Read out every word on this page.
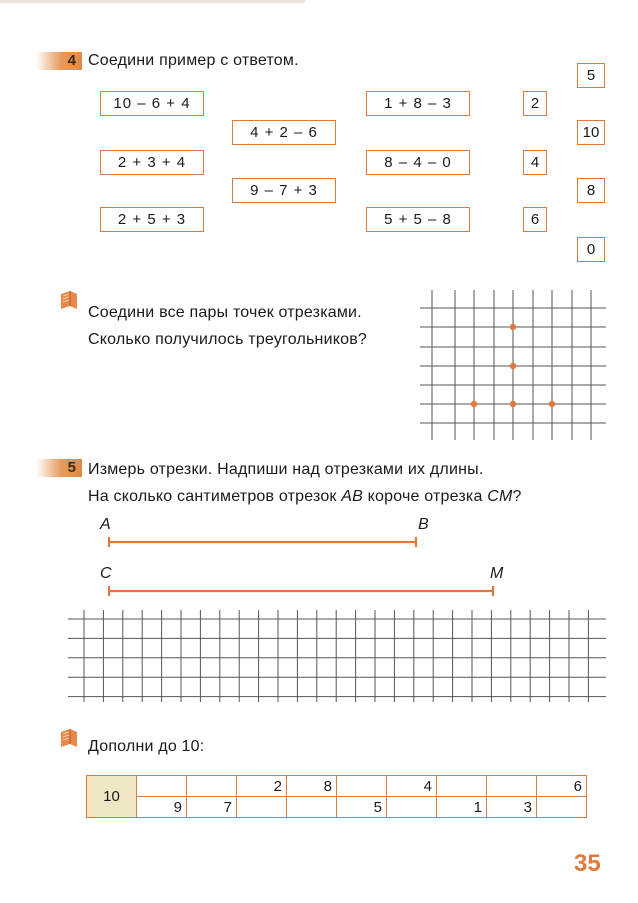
4 Соедини пример с ответом.
10 – 6 + 4
2 + 3 + 4
2 + 5 + 3
4 + 2 – 6
9 – 7 + 3
1 + 8 – 3
8 – 4 – 0
5 + 5 – 8
2
4
6
5
10
8
0
Соедини все пары точек отрезками.
Сколько получилось треугольников?
5 Измерь отрезки. Надпиши над отрезками их длины.
На сколько сантиметров отрезок AB короче отрезка CM?
A	B
C	M
Дополни до 10:
10			2	8		4			6
	9	7			5		1	3	
35
